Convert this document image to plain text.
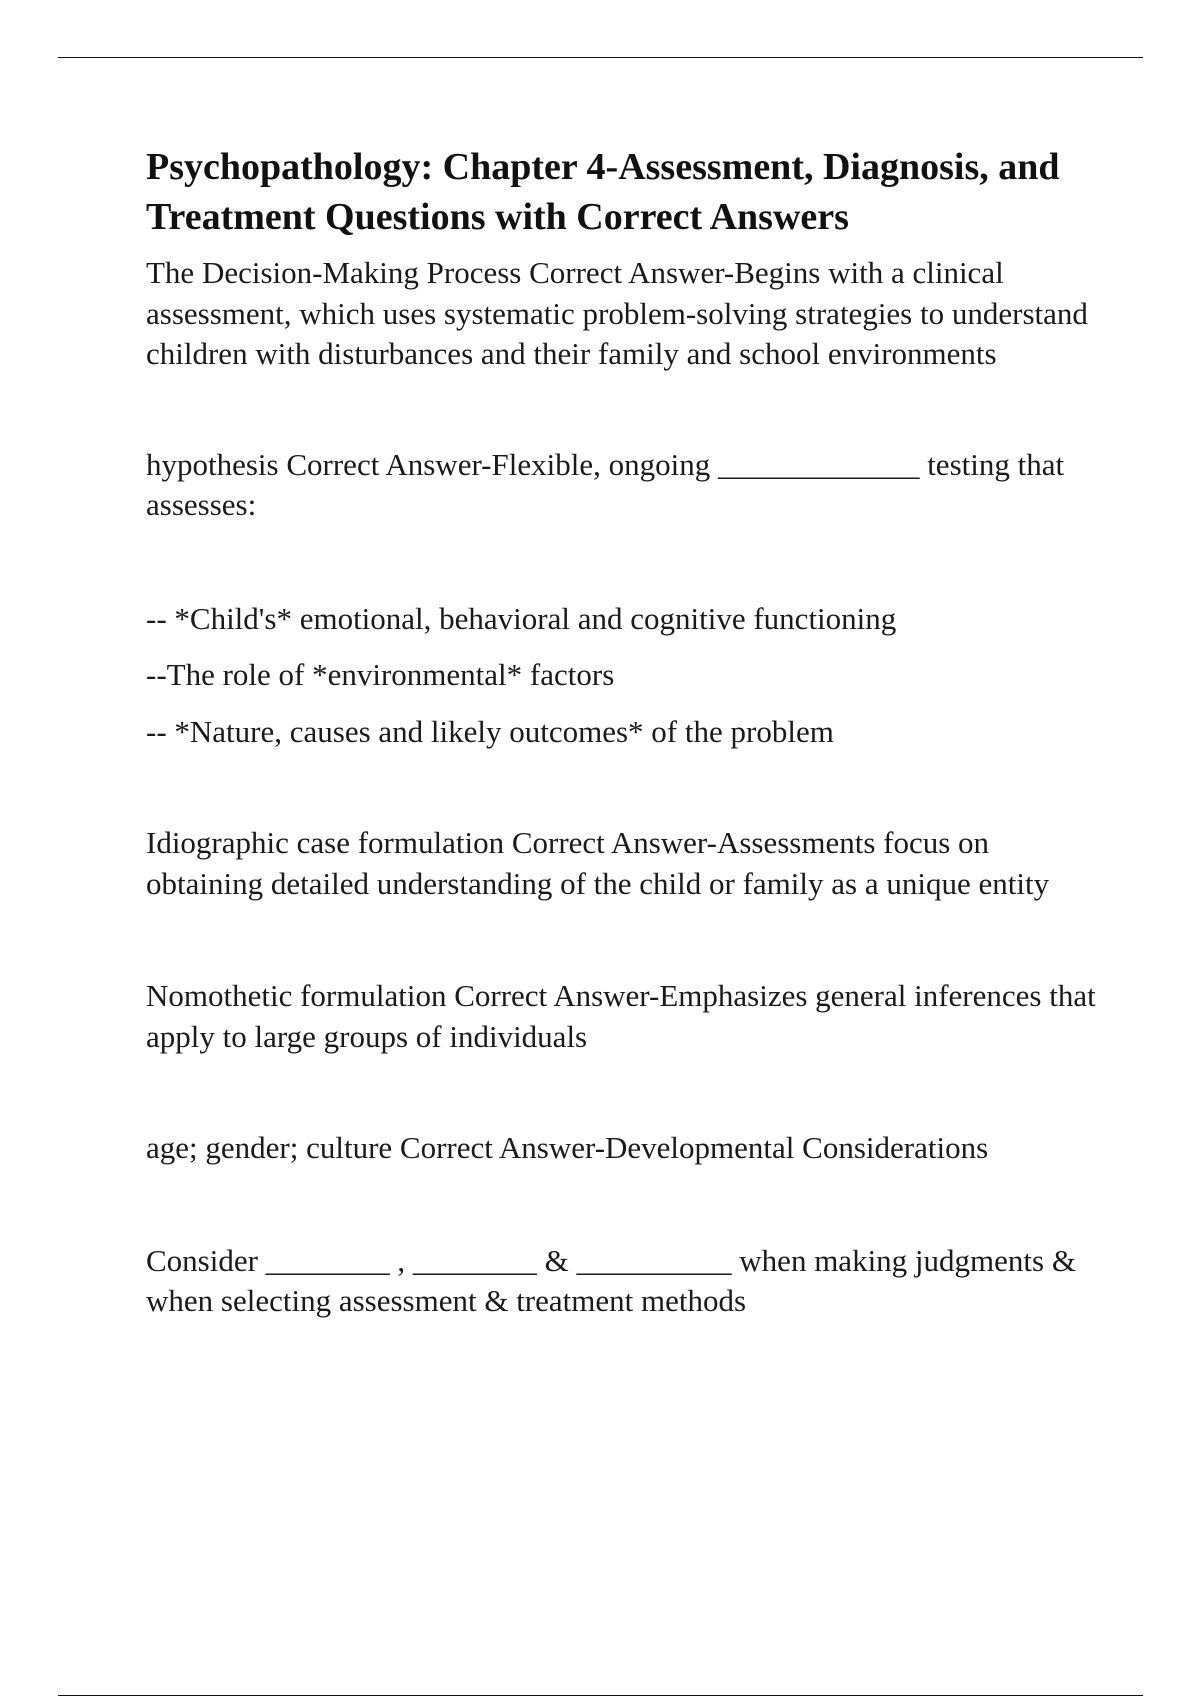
Psychopathology: Chapter 4-Assessment, Diagnosis, and Treatment Questions with Correct Answers

The Decision-Making Process Correct Answer-Begins with a clinical assessment, which uses systematic problem-solving strategies to understand children with disturbances and their family and school environments

hypothesis Correct Answer-Flexible, ongoing _____________ testing that assesses:

-- *Child's* emotional, behavioral and cognitive functioning

--The role of *environmental* factors

-- *Nature, causes and likely outcomes* of the problem

Idiographic case formulation Correct Answer-Assessments focus on obtaining detailed understanding of the child or family as a unique entity

Nomothetic formulation Correct Answer-Emphasizes general inferences that apply to large groups of individuals

age; gender; culture Correct Answer-Developmental Considerations

Consider ________ , ________ & __________ when making judgments & when selecting assessment & treatment methods
